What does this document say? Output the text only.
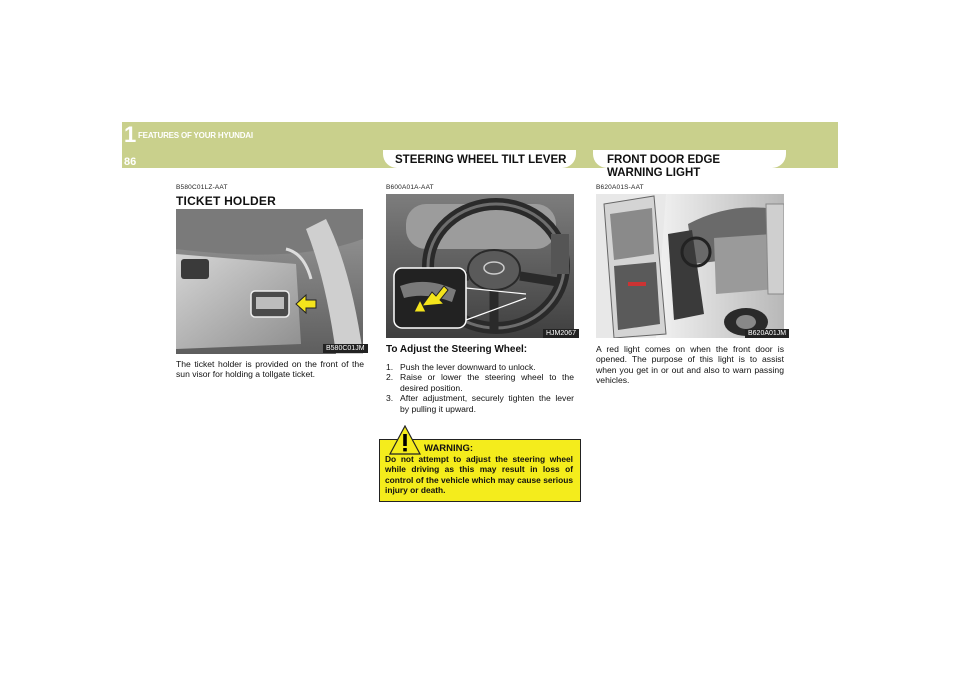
1 FEATURES OF YOUR HYUNDAI
86	STEERING WHEEL TILT LEVER	FRONT DOOR EDGE WARNING LIGHT
B580C01LZ-AAT
TICKET HOLDER
B580C01JM
The ticket holder is provided on the front of the sun visor for holding a tollgate ticket.
B600A01A-AAT
HJM2067
To Adjust the Steering Wheel:
1. Push the lever downward to unlock.
2. Raise or lower the steering wheel to the desired position.
3. After adjustment, securely tighten the lever by pulling it upward.
WARNING:
Do not attempt to adjust the steering wheel while driving as this may result in loss of control of the vehicle which may cause serious injury or death.
B620A01S-AAT
B620A01JM
A red light comes on when the front door is opened. The purpose of this light is to assist when you get in or out and also to warn passing vehicles.
